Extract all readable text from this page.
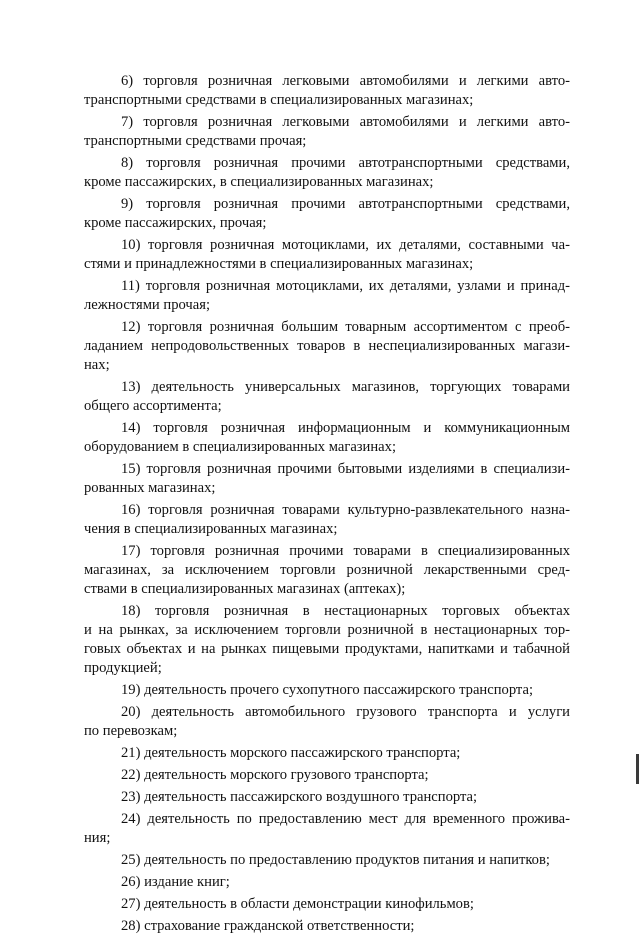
6) торговля розничная легковыми автомобилями и легкими авто-
транспортными средствами в специализированных магазинах;
7) торговля розничная легковыми автомобилями и легкими авто-
транспортными средствами прочая;
8) торговля розничная прочими автотранспортными средствами,
кроме пассажирских, в специализированных магазинах;
9) торговля розничная прочими автотранспортными средствами,
кроме пассажирских, прочая;
10) торговля розничная мотоциклами, их деталями, составными ча-
стями и принадлежностями в специализированных магазинах;
11) торговля розничная мотоциклами, их деталями, узлами и принад-
лежностями прочая;
12) торговля розничная большим товарным ассортиментом с преоб-
ладанием непродовольственных товаров в неспециализированных магази-
нах;
13) деятельность универсальных магазинов, торгующих товарами
общего ассортимента;
14) торговля розничная информационным и коммуникационным
оборудованием в специализированных магазинах;
15) торговля розничная прочими бытовыми изделиями в специализи-
рованных магазинах;
16) торговля розничная товарами культурно-развлекательного назна-
чения в специализированных магазинах;
17) торговля розничная прочими товарами в специализированных
магазинах, за исключением торговли розничной лекарственными сред-
ствами в специализированных магазинах (аптеках);
18) торговля розничная в нестационарных торговых объектах
и на рынках, за исключением торговли розничной в нестационарных тор-
говых объектах и на рынках пищевыми продуктами, напитками и табачной
продукцией;
19) деятельность прочего сухопутного пассажирского транспорта;
20) деятельность автомобильного грузового транспорта и услуги
по перевозкам;
21) деятельность морского пассажирского транспорта;
22) деятельность морского грузового транспорта;
23) деятельность пассажирского воздушного транспорта;
24) деятельность по предоставлению мест для временного прожива-
ния;
25) деятельность по предоставлению продуктов питания и напитков;
26) издание книг;
27) деятельность в области демонстрации кинофильмов;
28) страхование гражданской ответственности;
